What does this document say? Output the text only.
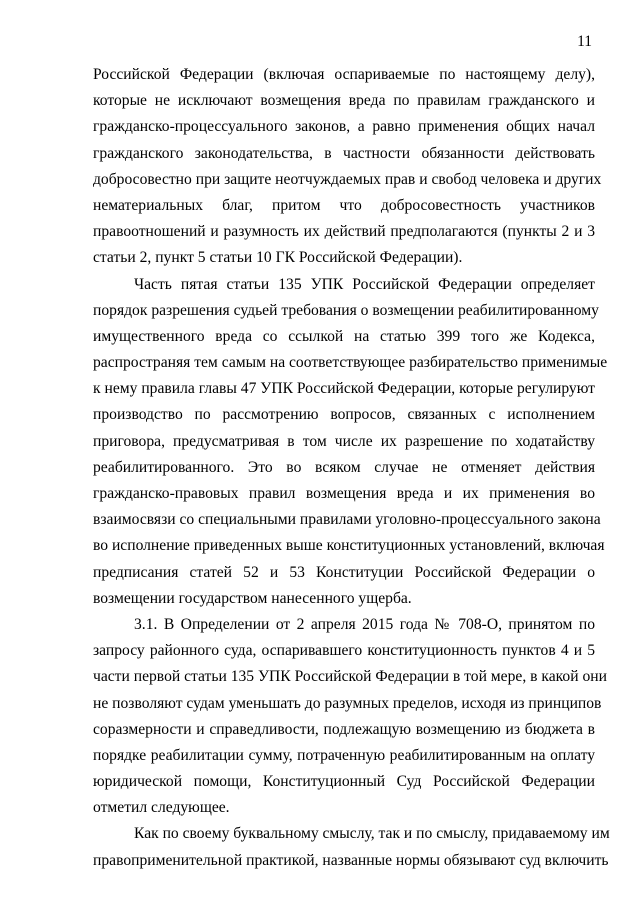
11
Российской Федерации (включая оспариваемые по настоящему делу),
которые не исключают возмещения вреда по правилам гражданского и
гражданско-процессуального законов, а равно применения общих начал
гражданского законодательства, в частности обязанности действовать
добросовестно при защите неотчуждаемых прав и свобод человека и других
нематериальных благ, притом что добросовестность участников
правоотношений и разумность их действий предполагаются (пункты 2 и 3
статьи 2, пункт 5 статьи 10 ГК Российской Федерации).
Часть пятая статьи 135 УПК Российской Федерации определяет
порядок разрешения судьей требования о возмещении реабилитированному
имущественного вреда со ссылкой на статью 399 того же Кодекса,
распространяя тем самым на соответствующее разбирательство применимые
к нему правила главы 47 УПК Российской Федерации, которые регулируют
производство по рассмотрению вопросов, связанных с исполнением
приговора, предусматривая в том числе их разрешение по ходатайству
реабилитированного. Это во всяком случае не отменяет действия
гражданско-правовых правил возмещения вреда и их применения во
взаимосвязи со специальными правилами уголовно-процессуального закона
во исполнение приведенных выше конституционных установлений, включая
предписания статей 52 и 53 Конституции Российской Федерации о
возмещении государством нанесенного ущерба.
3.1. В Определении от 2 апреля 2015 года № 708-О, принятом по
запросу районного суда, оспаривавшего конституционность пунктов 4 и 5
части первой статьи 135 УПК Российской Федерации в той мере, в какой они
не позволяют судам уменьшать до разумных пределов, исходя из принципов
соразмерности и справедливости, подлежащую возмещению из бюджета в
порядке реабилитации сумму, потраченную реабилитированным на оплату
юридической помощи, Конституционный Суд Российской Федерации
отметил следующее.
Как по своему буквальному смыслу, так и по смыслу, придаваемому им
правоприменительной практикой, названные нормы обязывают суд включить
